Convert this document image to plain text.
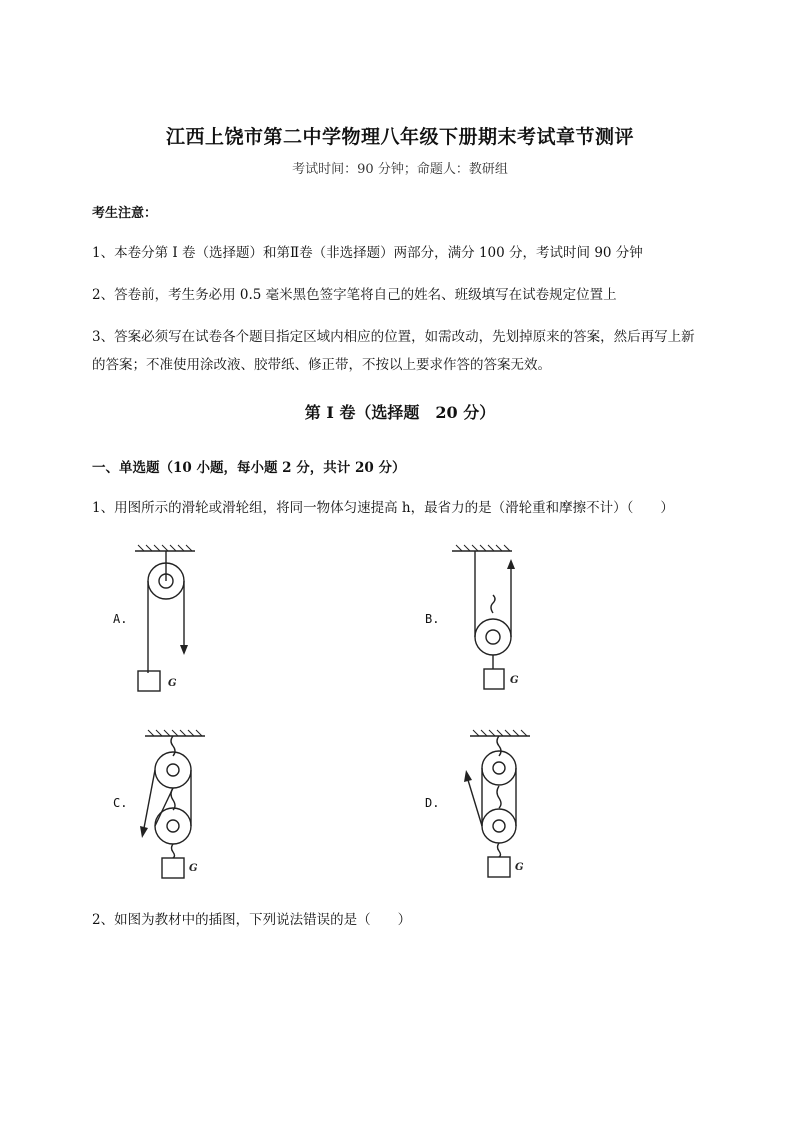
江西上饶市第二中学物理八年级下册期末考试章节测评
考试时间：90 分钟；命题人：教研组
考生注意：
1、本卷分第 I 卷（选择题）和第Ⅱ卷（非选择题）两部分，满分 100 分，考试时间 90 分钟
2、答卷前，考生务必用 0.5 毫米黑色签字笔将自己的姓名、班级填写在试卷规定位置上
3、答案必须写在试卷各个题目指定区域内相应的位置，如需改动，先划掉原来的答案，然后再写上新
的答案；不准使用涂改液、胶带纸、修正带，不按以上要求作答的答案无效。
第 I 卷（选择题　20 分）
一、单选题（10 小题，每小题 2 分，共计 20 分）
1、用图所示的滑轮或滑轮组，将同一物体匀速提高 h，最省力的是（滑轮重和摩擦不计）（　　）
A.	B.
C.	D.
G	G
G	G
2、如图为教材中的插图，下列说法错误的是（　　）
